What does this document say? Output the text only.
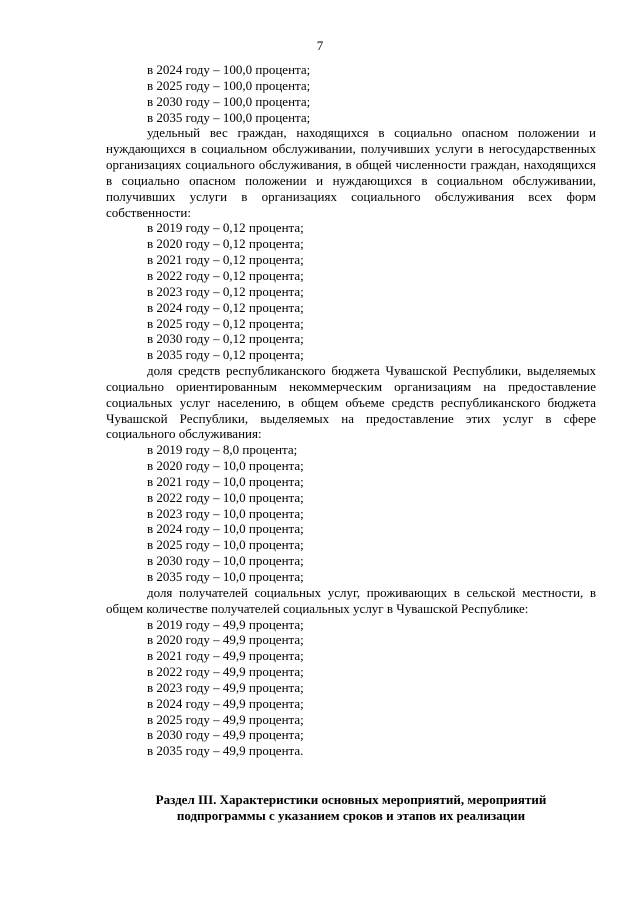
7
в 2024 году – 100,0 процента;
в 2025 году – 100,0 процента;
в 2030 году – 100,0 процента;
в 2035 году – 100,0 процента;
удельный вес граждан, находящихся в социально опасном положении и нуждающихся в социальном обслуживании, получивших услуги в негосударственных организациях социального обслуживания, в общей численности граждан, находящихся в социально опасном положении и нуждающихся в социальном обслуживании, получивших услуги в организациях социального обслуживания всех форм собственности:
в 2019 году – 0,12 процента;
в 2020 году – 0,12 процента;
в 2021 году – 0,12 процента;
в 2022 году – 0,12 процента;
в 2023 году – 0,12 процента;
в 2024 году – 0,12 процента;
в 2025 году – 0,12 процента;
в 2030 году – 0,12 процента;
в 2035 году – 0,12 процента;
доля средств республиканского бюджета Чувашской Республики, выделяемых социально ориентированным некоммерческим организациям на предоставление социальных услуг населению, в общем объеме средств республиканского бюджета Чувашской Республики, выделяемых на предоставление этих услуг в сфере социального обслуживания:
в 2019 году – 8,0 процента;
в 2020 году – 10,0 процента;
в 2021 году – 10,0 процента;
в 2022 году – 10,0 процента;
в 2023 году – 10,0 процента;
в 2024 году – 10,0 процента;
в 2025 году – 10,0 процента;
в 2030 году – 10,0 процента;
в 2035 году – 10,0 процента;
доля получателей социальных услуг, проживающих в сельской местности, в общем количестве получателей социальных услуг в Чувашской Республике:
в 2019 году – 49,9 процента;
в 2020 году – 49,9 процента;
в 2021 году – 49,9 процента;
в 2022 году – 49,9 процента;
в 2023 году – 49,9 процента;
в 2024 году – 49,9 процента;
в 2025 году – 49,9 процента;
в 2030 году – 49,9 процента;
в 2035 году – 49,9 процента.
Раздел III. Характеристики основных мероприятий, мероприятий
подпрограммы с указанием сроков и этапов их реализации
